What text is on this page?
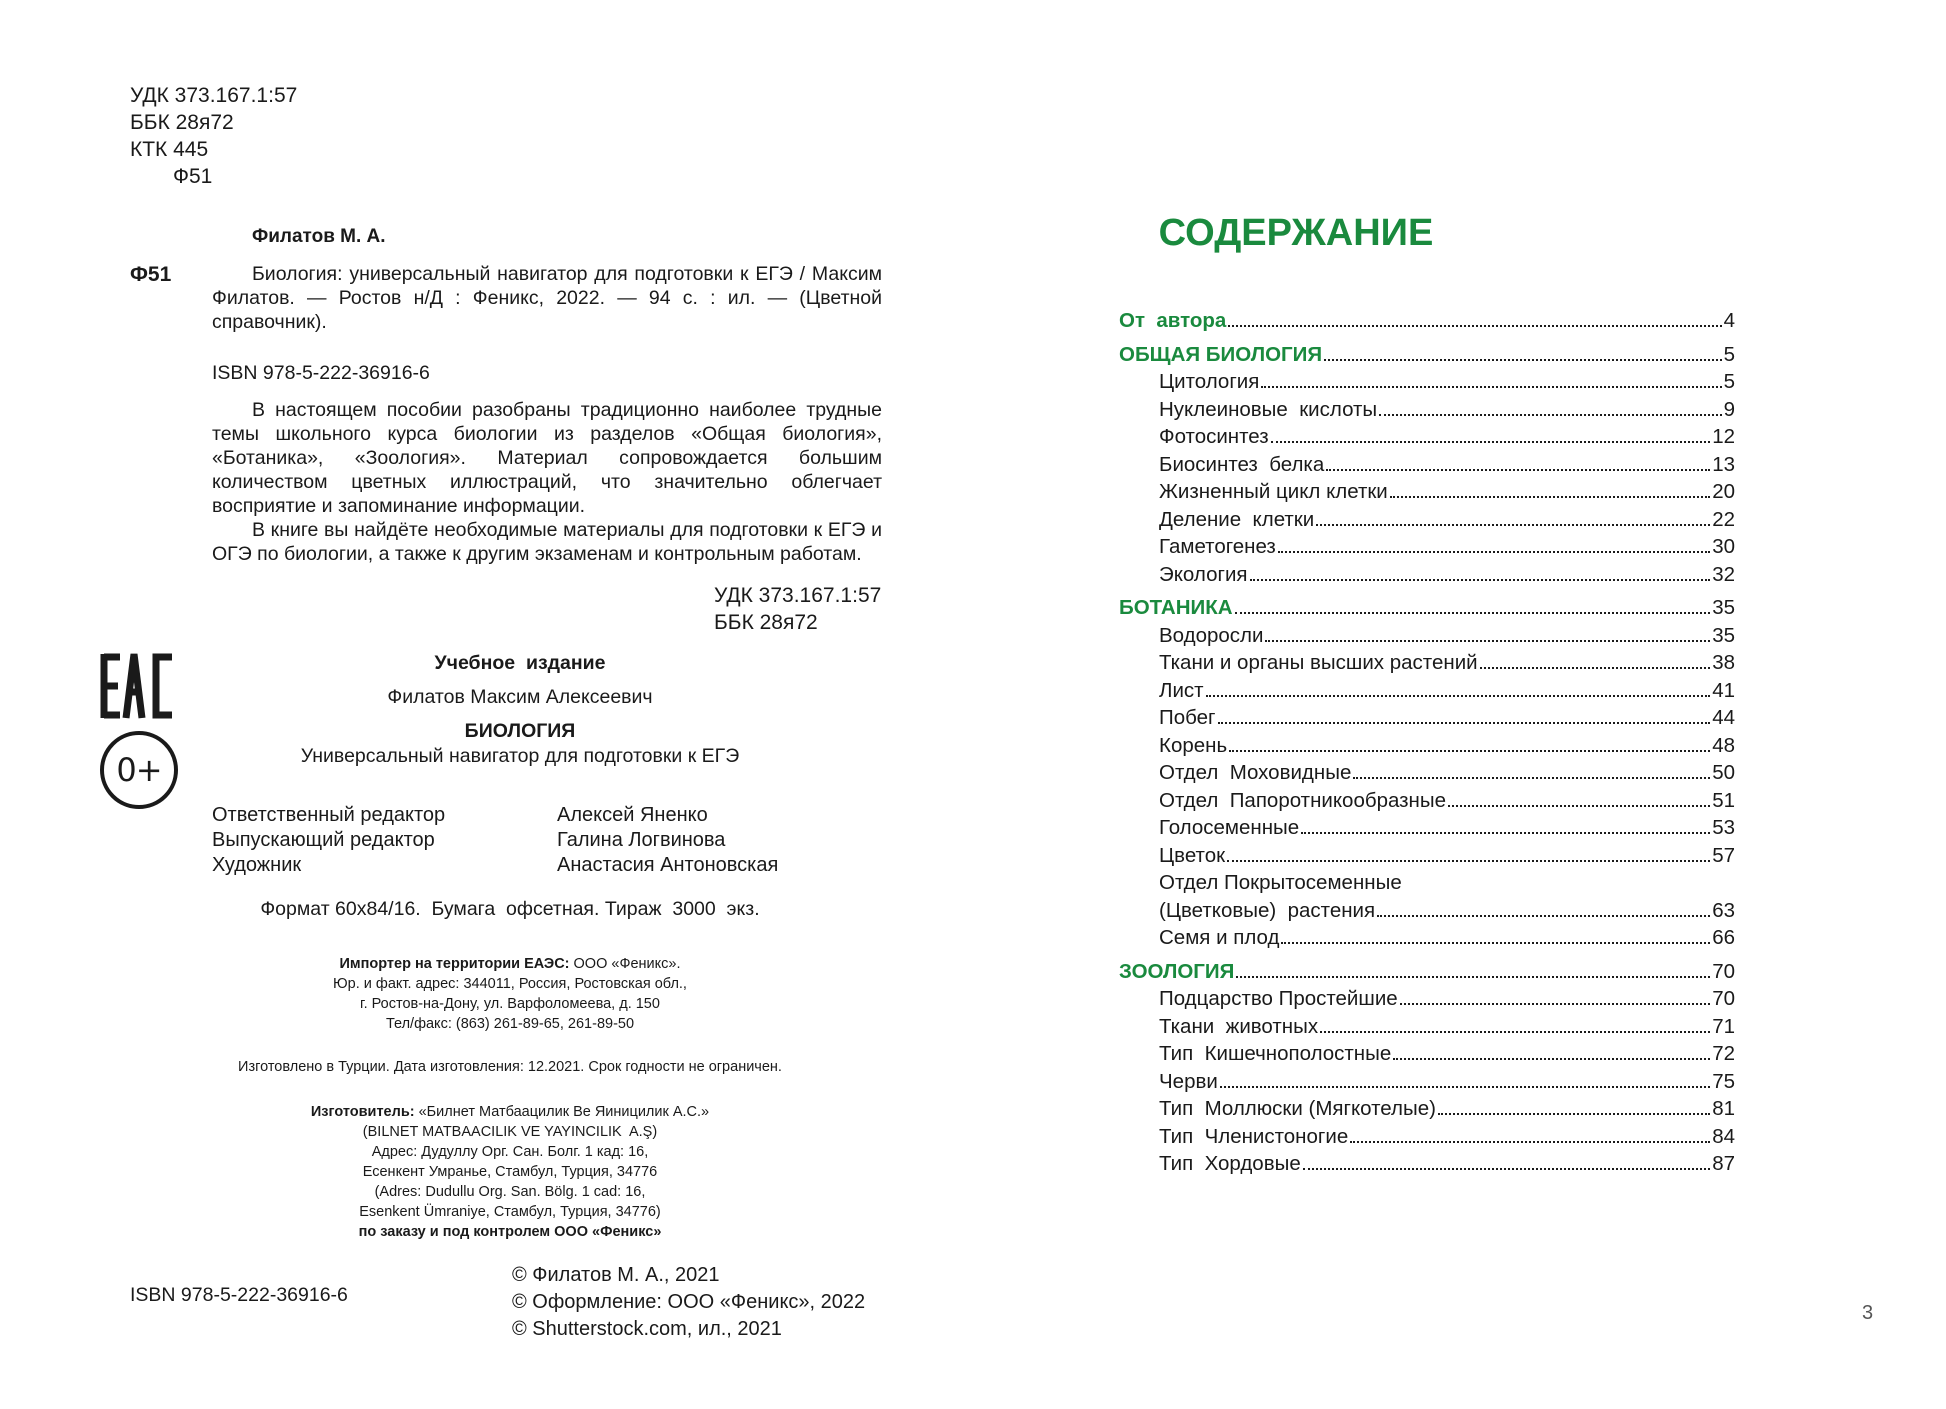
УДК 373.167.1:57
ББК 28я72
КТК 445
Ф51
Филатов М. А.
Ф51	Биология: универсальный навигатор для подготовки к ЕГЭ / Максим Филатов. — Ростов н/Д : Феникс, 2022. — 94 с. : ил. — (Цветной справочник).
ISBN 978-5-222-36916-6
В настоящем пособии разобраны традиционно наиболее трудные темы школьного курса биологии из разделов «Общая биология», «Ботаника», «Зоология». Материал сопровождается большим количеством цветных иллюстраций, что значительно облегчает восприятие и запоминание информации.
В книге вы найдёте необходимые материалы для подготовки к ЕГЭ и ОГЭ по биологии, а также к другим экзаменам и контрольным работам.
УДК 373.167.1:57
ББК 28я72
0+
Учебное  издание
Филатов Максим Алексеевич
БИОЛОГИЯ
Универсальный навигатор для подготовки к ЕГЭ
Ответственный редактор	Алексей Яненко
Выпускающий редактор	Галина Логвинова
Художник	Анастасия Антоновская
Формат 60х84/16.  Бумага  офсетная. Тираж  3000  экз.
Импортер на территории ЕАЭС: ООО «Феникс».
Юр. и факт. адрес: 344011, Россия, Ростовская обл.,
г. Ростов-на-Дону, ул. Варфоломеева, д. 150
Тел/факс: (863) 261-89-65, 261-89-50
Изготовлено в Турции. Дата изготовления: 12.2021. Срок годности не ограничен.
Изготовитель: «Билнет Матбаацилик Ве Яиницилик А.С.»
(BILNET MATBAACILIK VE YAYINCILIK  A.Ş)
Адрес: Дудуллу Орг. Сан. Болг. 1 кад: 16,
Есенкент Умранье, Стамбул, Турция, 34776
(Adres: Dudullu Org. San. Bölg. 1 cad: 16,
Esenkent Ümraniye, Стамбул, Турция, 34776)
по заказу и под контролем ООО «Феникс»
ISBN 978-5-222-36916-6
© Филатов М. А., 2021
© Оформление: ООО «Феникс», 2022
© Shutterstock.com, ил., 2021
СОДЕРЖАНИЕ
От  автора	4
ОБЩАЯ БИОЛОГИЯ	5
Цитология	5
Нуклеиновые  кислоты	9
Фотосинтез	12
Биосинтез  белка	13
Жизненный цикл клетки	20
Деление  клетки	22
Гаметогенез	30
Экология	32
БОТАНИКА	35
Водоросли	35
Ткани и органы высших растений	38
Лист	41
Побег	44
Корень	48
Отдел  Моховидные	50
Отдел  Папоротникообразные	51
Голосеменные	53
Цветок	57
Отдел Покрытосеменные
(Цветковые)  растения	63
Семя и плод	66
ЗООЛОГИЯ	70
Подцарство Простейшие	70
Ткани  животных	71
Тип  Кишечнополостные	72
Черви	75
Тип  Моллюски (Мягкотелые)	81
Тип  Членистоногие	84
Тип  Хордовые	87
3
